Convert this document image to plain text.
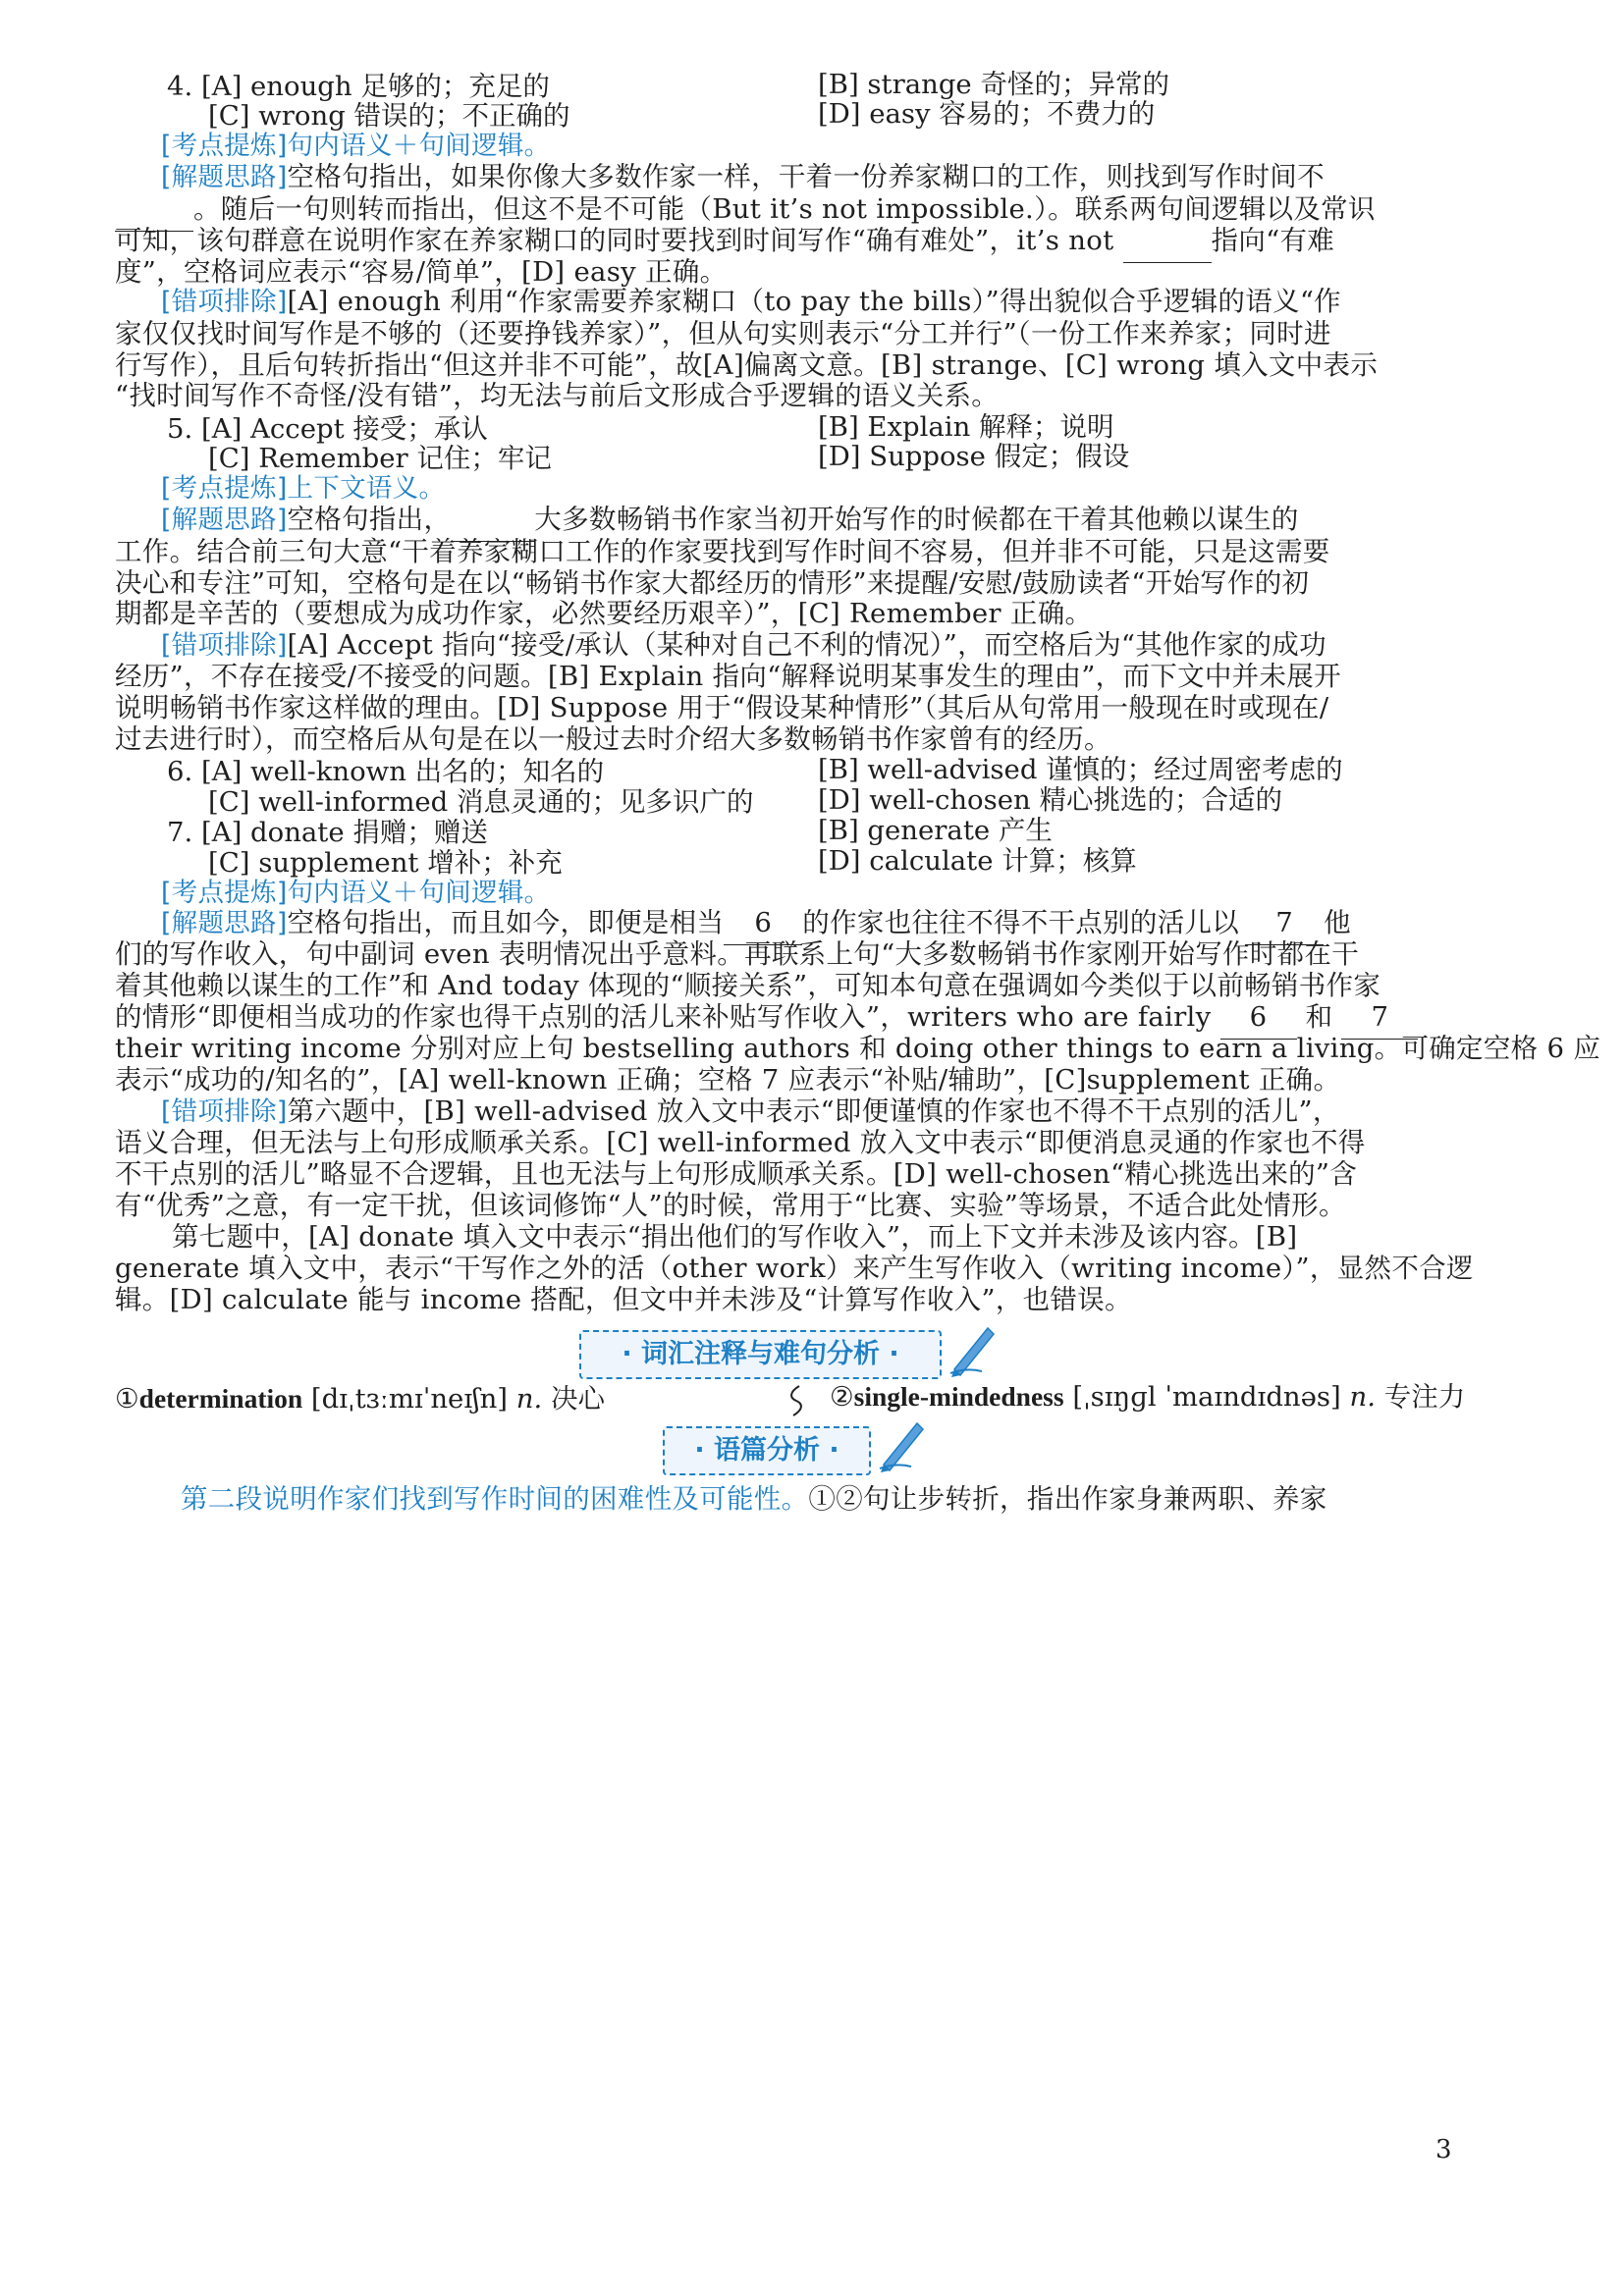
4. [A] enough 足够的；充足的	[B] strange 奇怪的；异常的
[C] wrong 错误的；不正确的	[D] easy 容易的；不费力的
[考点提炼]句内语义＋句间逻辑。
[解题思路]空格句指出，如果你像大多数作家一样，干着一份养家糊口的工作，则找到写作时间不
。随后一句则转而指出，但这不是不可能（But it’s not impossible.）。联系两句间逻辑以及常识
可知，该句群意在说明作家在养家糊口的同时要找到时间写作“确有难处”，it’s not	指向“有难
度”，空格词应表示“容易/简单”，[D] easy 正确。
[错项排除][A] enough 利用“作家需要养家糊口（to pay the bills）”得出貌似合乎逻辑的语义“作
家仅仅找时间写作是不够的（还要挣钱养家）”，但从句实则表示“分工并行”（一份工作来养家；同时进
行写作），且后句转折指出“但这并非不可能”，故[A]偏离文意。[B] strange、[C] wrong 填入文中表示
“找时间写作不奇怪/没有错”，均无法与前后文形成合乎逻辑的语义关系。
5. [A] Accept 接受；承认	[B] Explain 解释；说明
[C] Remember 记住；牢记	[D] Suppose 假定；假设
[考点提炼]上下文语义。
[解题思路]空格句指出，	大多数畅销书作家当初开始写作的时候都在干着其他赖以谋生的
工作。结合前三句大意“干着养家糊口工作的作家要找到写作时间不容易，但并非不可能，只是这需要
决心和专注”可知，空格句是在以“畅销书作家大都经历的情形”来提醒/安慰/鼓励读者“开始写作的初
期都是辛苦的（要想成为成功作家，必然要经历艰辛）”，[C] Remember 正确。
[错项排除][A] Accept 指向“接受/承认（某种对自己不利的情况）”，而空格后为“其他作家的成功
经历”，不存在接受/不接受的问题。[B] Explain 指向“解释说明某事发生的理由”，而下文中并未展开
说明畅销书作家这样做的理由。[D] Suppose 用于“假设某种情形”（其后从句常用一般现在时或现在/
过去进行时），而空格后从句是在以一般过去时介绍大多数畅销书作家曾有的经历。
6. [A] well-known 出名的；知名的	[B] well-advised 谨慎的；经过周密考虑的
[C] well-informed 消息灵通的；见多识广的 [D] well-chosen 精心挑选的；合适的
7. [A] donate 捐赠；赠送	[B] generate 产生
[C] supplement 增补；补充	[D] calculate 计算；核算
[考点提炼]句内语义＋句间逻辑。
[解题思路]空格句指出，而且如今，即便是相当 6 的作家也往往不得不干点别的活儿以 7 他
们的写作收入，句中副词 even 表明情况出乎意料。再联系上句“大多数畅销书作家刚开始写作时都在干
着其他赖以谋生的工作”和 And today 体现的“顺接关系”，可知本句意在强调如今类似于以前畅销书作家
的情形“即便相当成功的作家也得干点别的活儿来补贴写作收入”，writers who are fairly 6 和 7
their writing income 分别对应上句 bestselling authors 和 doing other things to earn a living。可确定空格 6 应
表示“成功的/知名的”，[A] well-known 正确；空格 7 应表示“补贴/辅助”，[C]supplement 正确。
[错项排除]第六题中，[B] well-advised 放入文中表示“即便谨慎的作家也不得不干点别的活儿”，
语义合理，但无法与上句形成顺承关系。[C] well-informed 放入文中表示“即便消息灵通的作家也不得
不干点别的活儿”略显不合逻辑，且也无法与上句形成顺承关系。[D] well-chosen“精心挑选出来的”含
有“优秀”之意，有一定干扰，但该词修饰“人”的时候，常用于“比赛、实验”等场景，不适合此处情形。
第七题中，[A] donate 填入文中表示“捐出他们的写作收入”，而上下文并未涉及该内容。[B]
generate 填入文中，表示“干写作之外的活（other work）来产生写作收入（writing income）”，显然不合逻
辑。[D] calculate 能与 income 搭配，但文中并未涉及“计算写作收入”，也错误。
· 词汇注释与难句分析 ·
①determination [dɪˌtɜːmɪˈneɪʃn] n. 决心	②single-mindedness [ˌsɪŋɡl ˈmaɪndɪdnəs] n. 专注力
· 语篇分析 ·
第二段说明作家们找到写作时间的困难性及可能性。①②句让步转折，指出作家身兼两职、养家
3
